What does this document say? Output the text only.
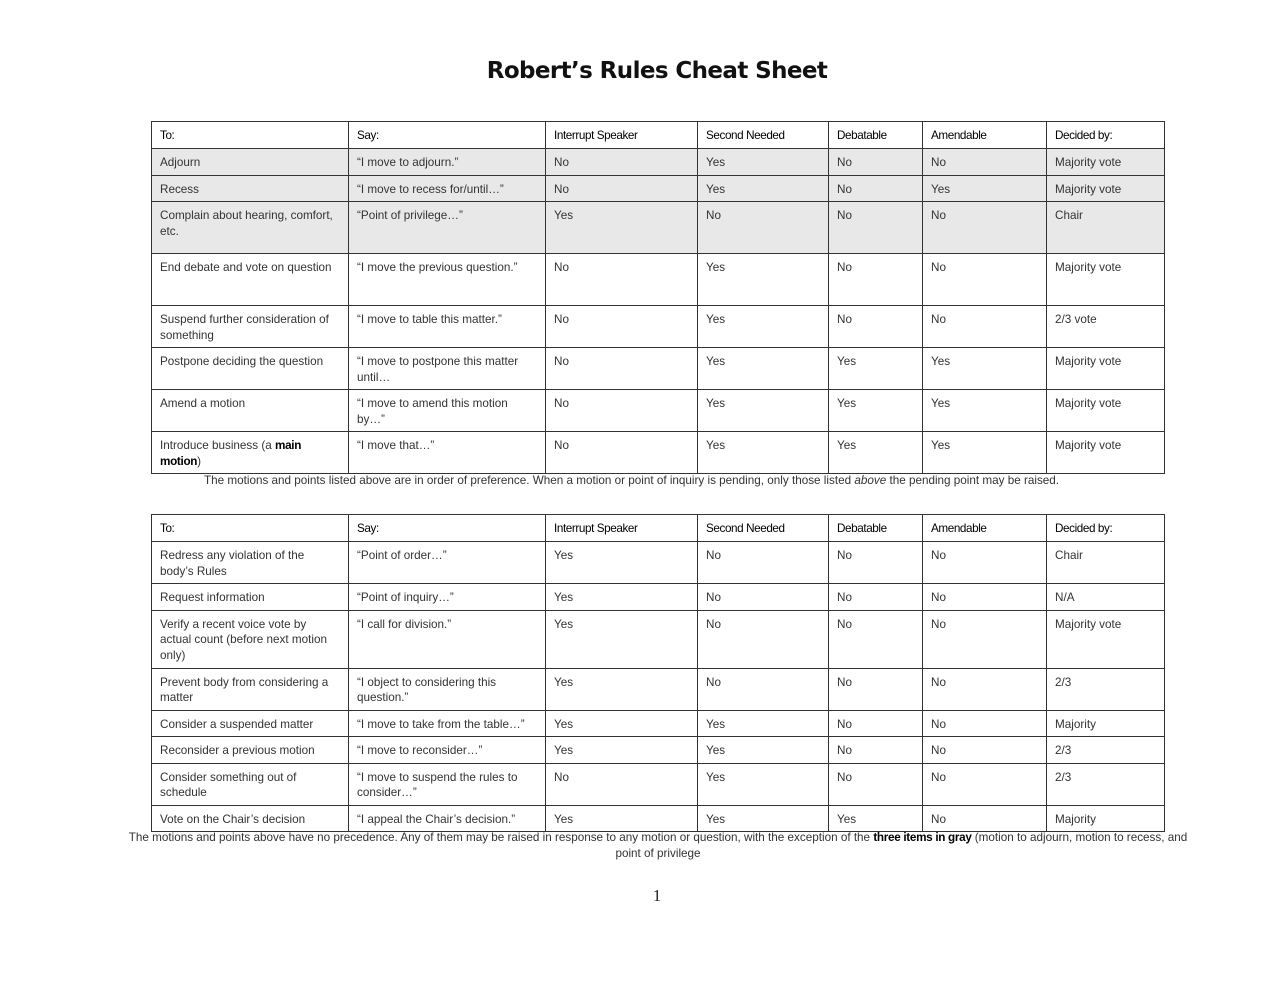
Robert’s Rules Cheat Sheet
To:	Say:	Interrupt Speaker	Second Needed	Debatable	Amendable	Decided by:
Adjourn	“I move to adjourn.”	No	Yes	No	No	Majority vote
Recess	“I move to recess for/until…”	No	Yes	No	Yes	Majority vote
Complain about hearing, comfort, etc.	“Point of privilege…”	Yes	No	No	No	Chair
End debate and vote on question	“I move the previous question.”	No	Yes	No	No	Majority vote
Suspend further consideration of something	“I move to table this matter.”	No	Yes	No	No	2/3 vote
Postpone deciding the question	“I move to postpone this matter until…	No	Yes	Yes	Yes	Majority vote
Amend a motion	“I move to amend this motion by…”	No	Yes	Yes	Yes	Majority vote
Introduce business (a main motion)	“I move that…”	No	Yes	Yes	Yes	Majority vote
The motions and points listed above are in order of preference. When a motion or point of inquiry is pending, only those listed above the pending point may be raised.
To:	Say:	Interrupt Speaker	Second Needed	Debatable	Amendable	Decided by:
Redress any violation of the body’s Rules	“Point of order…”	Yes	No	No	No	Chair
Request information	“Point of inquiry…”	Yes	No	No	No	N/A
Verify a recent voice vote by actual count (before next motion only)	“I call for division.”	Yes	No	No	No	Majority vote
Prevent body from considering a matter	“I object to considering this question.”	Yes	No	No	No	2/3
Consider a suspended matter	“I move to take from the table…”	Yes	Yes	No	No	Majority
Reconsider a previous motion	“I move to reconsider…”	Yes	Yes	No	No	2/3
Consider something out of schedule	“I move to suspend the rules to consider…”	No	Yes	No	No	2/3
Vote on the Chair’s decision	“I appeal the Chair’s decision.”	Yes	Yes	Yes	No	Majority
The motions and points above have no precedence. Any of them may be raised in response to any motion or question, with the exception of the three items in gray (motion to adjourn, motion to recess, and point of privilege
1
